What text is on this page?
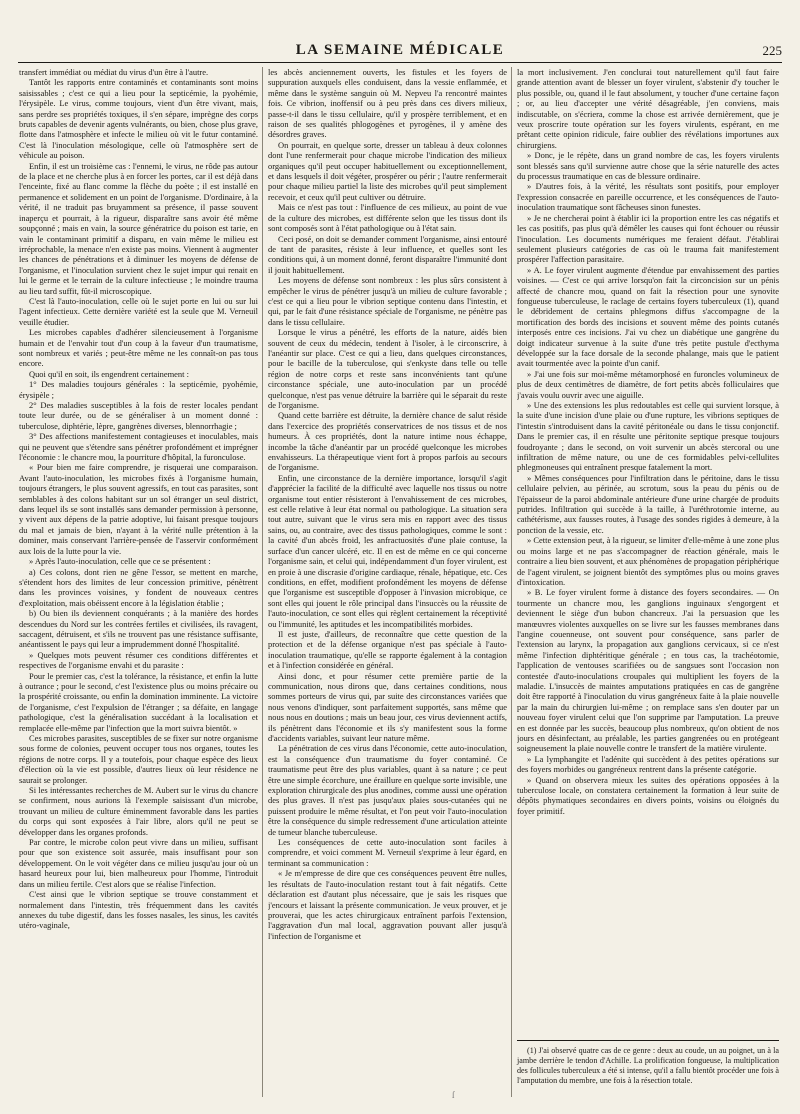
LA SEMAINE MÉDICALE	225

transfert immédiat ou médiat du virus d'un être à l'autre.

Tantôt les rapports entre contaminés et contaminants sont moins saisissables ; c'est ce qui a lieu pour la septicémie, la pyohémie, l'érysipèle. Le virus, comme toujours, vient d'un être vivant, mais, sans perdre ses propriétés toxiques, il s'en sépare, imprègne des corps bruts capables de devenir agents vulnérants, ou bien, chose plus grave, flotte dans l'atmosphère et infecte le milieu où vit le futur contaminé. C'est là l'inoculation mésologique, celle où l'atmosphère sert de véhicule au poison.

Enfin, il est un troisième cas : l'ennemi, le virus, ne rôde pas autour de la place et ne cherche plus à en forcer les portes, car il est déjà dans l'enceinte, fixé au flanc comme la flèche du poète ; il est installé en permanence et solidement en un point de l'organisme. D'ordinaire, à la vérité, il ne traduit pas bruyamment sa présence, il passe souvent inaperçu et pourrait, à la rigueur, disparaître sans avoir été même soupçonné ; mais en vain, la source génératrice du poison est tarie, en vain le contaminant primitif a disparu, en vain même le milieu est irréprochable, la menace n'en existe pas moins. Viennent à augmenter les chances de pénétrations et à diminuer les moyens de défense de l'organisme, et l'inoculation survient chez le sujet impur qui renait en lui le germe et le terrain de la culture infectieuse ; le moindre trauma au lieu tard suffit, fût-il microscopique.

C'est là l'auto-inoculation, celle où le sujet porte en lui ou sur lui l'agent infectieux. Cette dernière variété est la seule que M. Verneuil veuille étudier.

Les microbes capables d'adhérer silencieusement à l'organisme humain et de l'envahir tout d'un coup à la faveur d'un traumatisme, sont nombreux et variés ; peut-être même ne les connaît-on pas tous encore.

Quoi qu'il en soit, ils engendrent certainement :

1° Des maladies toujours générales : la septicémie, pyohémie, érysipèle ;

2° Des maladies susceptibles à la fois de rester locales pendant toute leur durée, ou de se généraliser à un moment donné : tuberculose, diphtérie, lèpre, gangrènes diverses, blennorrhagie ;

3° Des affections manifestement contagieuses et inoculables, mais qui ne peuvent que s'étendre sans pénétrer profondément et imprégner l'économie : le chancre mou, la pourriture d'hôpital, la furonculose.

« Pour bien me faire comprendre, je risquerai une comparaison. Avant l'auto-inoculation, les microbes fixés à l'organisme humain, toujours étrangers, le plus souvent agressifs, en tout cas parasites, sont semblables à des colons habitant sur un sol étranger un seul district, dans lequel ils se sont installés sans demander permission à personne, y vivent aux dépens de la patrie adoptive, lui faisant presque toujours du mal et jamais de bien, n'ayant à la vérité nulle prétention à la dominer, mais conservant l'arrière-pensée de l'asservir conformément aux lois de la lutte pour la vie.

» Après l'auto-inoculation, celle que ce se présentent :

a) Ces colons, dont rien ne gêne l'essor, se mettent en marche, s'étendent hors des limites de leur concession primitive, pénètrent dans les provinces voisines, y fondent de nouveaux centres d'exploitation, mais obéissent encore à la législation établie ;

b) Ou bien ils deviennent conquérants ; à la manière des hordes descendues du Nord sur les contrées fertiles et civilisées, ils ravagent, saccagent, détruisent, et s'ils ne trouvent pas une résistance suffisante, anéantissent le pays qui leur a imprudemment donné l'hospitalité.

» Quelques mots peuvent résumer ces conditions différentes et respectives de l'organisme envahi et du parasite :

Pour le premier cas, c'est la tolérance, la résistance, et enfin la lutte à outrance ; pour le second, c'est l'existence plus ou moins précaire ou la prospérité croissante, ou enfin la domination imminente. La victoire de l'organisme, c'est l'expulsion de l'étranger ; sa défaite, en langage pathologique, c'est la généralisation succédant à la localisation et remplacée elle-même par l'infection que la mort suivra bientôt. »

Ces microbes parasites, susceptibles de se fixer sur notre organisme sous forme de colonies, peuvent occuper tous nos organes, toutes les régions de notre corps. Il y a toutefois, pour chaque espèce des lieux d'élection où la vie est possible, d'autres lieux où leur résidence ne saurait se prolonger.

Si les intéressantes recherches de M. Aubert sur le virus du chancre se confirment, nous aurions là l'exemple saisissant d'un microbe, trouvant un milieu de culture éminemment favorable dans les parties du corps qui sont exposées à l'air libre, alors qu'il ne peut se développer dans les organes profonds.

Par contre, le microbe colon peut vivre dans un milieu, suffisant pour que son existence soit assurée, mais insuffisant pour son développement. On le voit végéter dans ce milieu jusqu'au jour où un hasard heureux pour lui, bien malheureux pour l'homme, l'introduit dans un milieu fertile. C'est alors que se réalise l'infection.

C'est ainsi que le vibrion septique se trouve constamment et normalement dans l'intestin, très fréquemment dans les cavités annexes du tube digestif, dans les fosses nasales, les sinus, les cavités utéro-vaginale,

les abcès anciennement ouverts, les fistules et les foyers de suppuration auxquels elles conduisent, dans la vessie enflammée, et même dans le système sanguin où M. Nepveu l'a rencontré maintes fois. Ce vibrion, inoffensif ou à peu près dans ces divers milieux, passe-t-il dans le tissu cellulaire, qu'il y prospère terriblement, et en raison de ses qualités phlogogènes et pyrogènes, il y amène des désordres graves.

On pourrait, en quelque sorte, dresser un tableau à deux colonnes dont l'une renfermerait pour chaque microbe l'indication des milieux organiques qu'il peut occuper habituellement ou exceptionnellement, et dans lesquels il doit végéter, prospérer ou périr ; l'autre renfermerait pour chaque milieu partiel la liste des microbes qu'il peut simplement recevoir, et ceux qu'il peut cultiver ou détruire.

Mais ce n'est pas tout : l'influence de ces milieux, au point de vue de la culture des microbes, est différente selon que les tissus dont ils sont composés sont à l'état pathologique ou à l'état sain.

Ceci posé, on doit se demander comment l'organisme, ainsi entouré de tant de parasites, résiste à leur influence, et quelles sont les conditions qui, à un moment donné, feront disparaître l'immunité dont il jouit habituellement.

Les moyens de défense sont nombreux : les plus sûrs consistent à empêcher le virus de pénétrer jusqu'à un milieu de culture favorable ; c'est ce qui a lieu pour le vibrion septique contenu dans l'intestin, et qui, par le fait d'une résistance spéciale de l'organisme, ne pénètre pas dans le tissu cellulaire.

Lorsque le virus a pénétré, les efforts de la nature, aidés bien souvent de ceux du médecin, tendent à l'isoler, à le circonscrire, à l'anéantir sur place. C'est ce qui a lieu, dans quelques circonstances, pour le bacille de la tuberculose, qui s'enkyste dans telle ou telle région de notre corps et reste sans inconvénients tant qu'une circonstance spéciale, une auto-inoculation par un procédé quelconque, n'est pas venue détruire la barrière qui le séparait du reste de l'organisme.

Quand cette barrière est détruite, la dernière chance de salut réside dans l'exercice des propriétés conservatrices de nos tissus et de nos humeurs. À ces propriétés, dont la nature intime nous échappe, incombe la tâche d'anéantir par un procédé quelconque les microbes envahisseurs. La thérapeutique vient fort à propos parfois au secours de l'organisme.

Enfin, une circonstance de la dernière importance, lorsqu'il s'agit d'apprécier la facilité de la difficulté avec laquelle nos tissus ou notre organisme tout entier résisteront à l'envahissement de ces microbes, est celle relative à leur état normal ou pathologique. La situation sera tout autre, suivant que le virus sera mis en rapport avec des tissus sains, ou, au contraire, avec des tissus pathologiques, comme le sont : la cavité d'un abcès froid, les anfractuosités d'une plaie contuse, la surface d'un cancer ulcéré, etc. Il en est de même en ce qui concerne l'organisme sain, et celui qui, indépendamment d'un foyer virulent, est en proie à une discrasie d'origine cardiaque, rénale, hépatique, etc. Ces conditions, en effet, modifient profondément les moyens de défense que l'organisme est susceptible d'opposer à l'invasion microbique, ce sont elles qui jouent le rôle principal dans l'insuccès ou la réussite de l'auto-inoculation, ce sont elles qui règlent certainement la réceptivité ou l'immunité, les aptitudes et les incompatibilités morbides.

Il est juste, d'ailleurs, de reconnaître que cette question de la protection et de la défense organique n'est pas spéciale à l'auto-inoculation traumatique, qu'elle se rapporte également à la contagion et à l'infection considérée en général.

Ainsi donc, et pour résumer cette première partie de la communication, nous dirons que, dans certaines conditions, nous sommes porteurs de virus qui, par suite des circonstances variées que nous venons d'indiquer, sont parfaitement supportés, sans même que nous nous en doutions ; mais un beau jour, ces virus deviennent actifs, ils pénètrent dans l'économie et ils s'y manifestent sous la forme d'accidents variables, suivant leur nature même.

La pénétration de ces virus dans l'économie, cette auto-inoculation, est la conséquence d'un traumatisme du foyer contaminé. Ce traumatisme peut être des plus variables, quant à sa nature ; ce peut être une simple écorchure, une éraillure en quelque sorte invisible, une exploration chirurgicale des plus anodines, comme aussi une opération des plus graves. Il n'est pas jusqu'aux plaies sous-cutanées qui ne puissent produire le même résultat, et l'on peut voir l'auto-inoculation être la conséquence du simple redressement d'une articulation atteinte de tumeur blanche tuberculeuse.

Les conséquences de cette auto-inoculation sont faciles à comprendre, et voici comment M. Verneuil s'exprime à leur égard, en terminant sa communication :

« Je m'empresse de dire que ces conséquences peuvent être nulles, les résultats de l'auto-inoculation restant tout à fait négatifs. Cette déclaration est d'autant plus nécessaire, que je sais les risques que j'encours et laissant la présente communication. Je veux prouver, et je prouverai, que les actes chirurgicaux entraînent parfois l'extension, l'aggravation d'un mal local, aggravation pouvant aller jusqu'à l'infection de l'organisme et

la mort inclusivement. J'en conclurai tout naturellement qu'il faut faire grande attention avant de blesser un foyer virulent, s'abstenir d'y toucher le plus possible, ou, quand il le faut absolument, y toucher d'une certaine façon ; or, au lieu d'accepter une vérité désagréable, j'en conviens, mais indiscutable, on s'écriera, comme la chose est arrivée dernièrement, que je veux proscrire toute opération sur les foyers virulents, espérant, en me prêtant cette opinion ridicule, faire oublier des révélations importunes aux chirurgiens.

» Donc, je le répète, dans un grand nombre de cas, les foyers virulents sont blessés sans qu'il survienne autre chose que la série naturelle des actes du processus traumatique en cas de blessure ordinaire.

» D'autres fois, à la vérité, les résultats sont positifs, pour employer l'expression consacrée en pareille occurrence, et les conséquences de l'auto-inoculation traumatique sont fâcheuses sinon funestes.

» Je ne chercherai point à établir ici la proportion entre les cas négatifs et les cas positifs, pas plus qu'à démêler les causes qui font échouer ou réussir l'inoculation. Les documents numériques me feraient défaut. J'établirai seulement plusieurs catégories de cas où le trauma fait manifestement prospérer l'affection parasitaire.

» A. Le foyer virulent augmente d'étendue par envahissement des parties voisines. — C'est ce qui arrive lorsqu'on fait la circoncision sur un pénis affecté de chancre mou, quand on fait la résection pour une synovite fongueuse tuberculeuse, le raclage de certains foyers tuberculeux (1), quand le débridement de certains phlegmons diffus s'accompagne de la mortification des bords des incisions et souvent même des points cutanés interposés entre ces incisions. J'ai vu chez un diabétique une gangrène du doigt indicateur survenue à la suite d'une très petite pustule d'ecthyma développée sur la face dorsale de la seconde phalange, mais que le patient avait tourmentée avec la pointe d'un canif.

» J'ai une fois sur moi-même métamorphosé en furoncles volumineux de plus de deux centimètres de diamètre, de fort petits abcès folliculaires que j'avais voulu ouvrir avec une aiguille.

» Une des extensions les plus redoutables est celle qui survient lorsque, à la suite d'une incision d'une plaie ou d'une rupture, les vibrions septiques de l'intestin s'introduisent dans la cavité péritonéale ou dans le tissu conjonctif. Dans le premier cas, il en résulte une péritonite septique presque toujours foudroyante ; dans le second, on voit survenir un abcès stercoral ou une infiltration de même nature, ou une de ces formidables pelvi-cellulites phlegmoneuses qui entraînent presque fatalement la mort.

» Mêmes conséquences pour l'infiltration dans le péritoine, dans le tissu cellulaire pelvien, au périnée, au scrotum, sous la peau du pénis ou de l'épaisseur de la paroi abdominale antérieure d'une urine chargée de produits putrides. Infiltration qui succède à la taille, à l'uréthrotomie interne, au cathétérisme, aux fausses routes, à l'usage des sondes rigides à demeure, à la ponction de la vessie, etc.

» Cette extension peut, à la rigueur, se limiter d'elle-même à une zone plus ou moins large et ne pas s'accompagner de réaction générale, mais le contraire a lieu bien souvent, et aux phénomènes de propagation périphérique de l'agent virulent, se joignent bientôt des symptômes plus ou moins graves d'intoxication.

» B. Le foyer virulent forme à distance des foyers secondaires. — On tourmente un chancre mou, les ganglions inguinaux s'engorgent et deviennent le siège d'un bubon chancreux. J'ai la persuasion que les manœuvres violentes auxquelles on se livre sur les fausses membranes dans l'angine couenneuse, ont souvent pour conséquence, sans parler de l'extension au larynx, la propagation aux ganglions cervicaux, si ce n'est même l'infection diphtéritique générale ; en tous cas, la trachéotomie, l'application de ventouses scarifiées ou de sangsues sont l'occasion non contestée d'auto-inoculations croupales qui multiplient les foyers de la maladie. L'insuccès de maintes amputations pratiquées en cas de gangrène doit être rapporté à l'inoculation du virus gangréneux faite à la plaie nouvelle par la main du chirurgien lui-même ; on remplace sans s'en douter par un nouveau foyer virulent celui que l'on supprime par l'amputation. La preuve en est donnée par les succès, beaucoup plus nombreux, qu'on obtient de nos jours en désinfectant, au préalable, les parties gangrenées ou en protégeant soigneusement la plaie nouvelle contre le transfert de la matière virulente.

» La lymphangite et l'adénite qui succèdent à des petites opérations sur des foyers morbides ou gangréneux rentrent dans la présente catégorie.

» Quand on observera mieux les suites des opérations opposées à la tuberculose locale, on constatera certainement la formation à leur suite de dépôts phymatiques secondaires en divers points, voisins ou éloignés du foyer primitif.

(1) J'ai observé quatre cas de ce genre : deux au coude, un au poignet, un à la jambe derrière le tendon d'Achille. La prolification fongueuse, la multiplication des follicules tuberculeux a été si intense, qu'il a fallu bientôt procéder une fois à l'amputation du membre, une fois à la résection totale.

ſ
